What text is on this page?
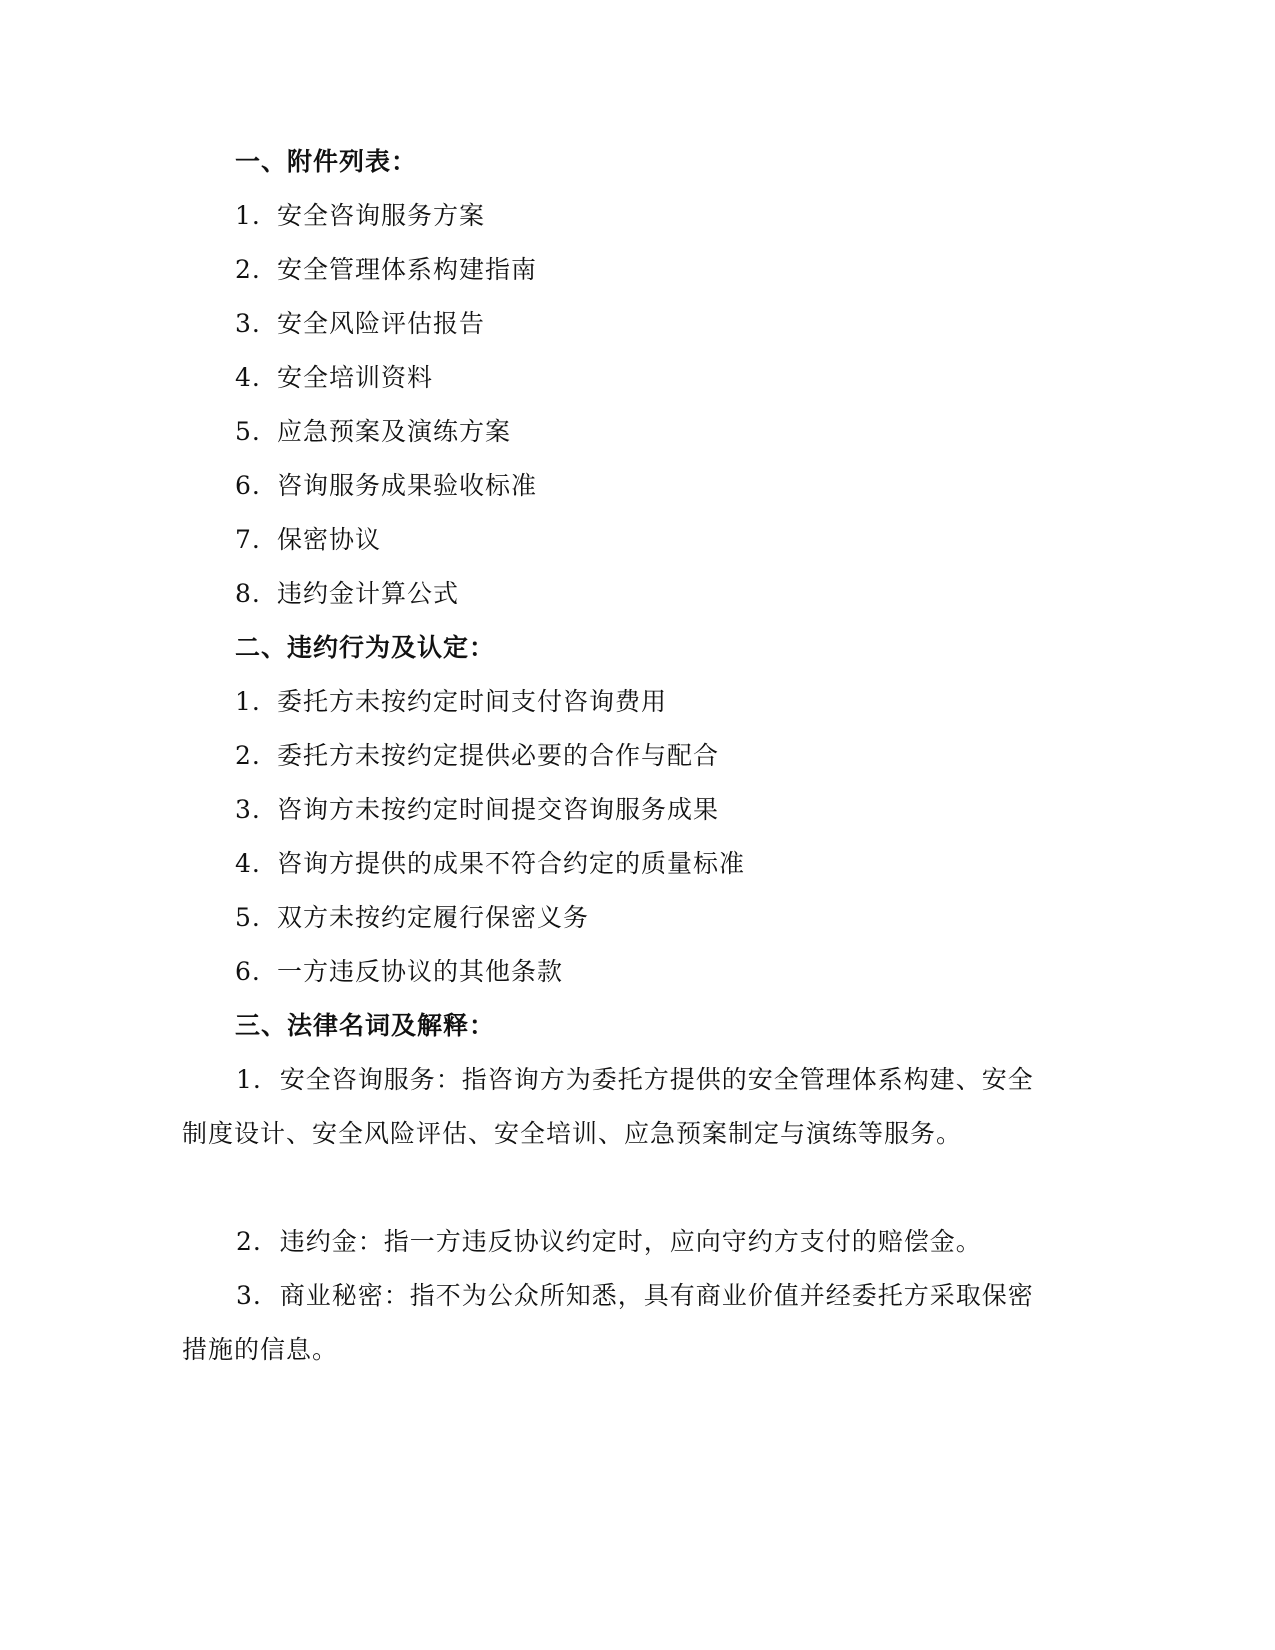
一、附件列表：
1. 安全咨询服务方案
2. 安全管理体系构建指南
3. 安全风险评估报告
4. 安全培训资料
5. 应急预案及演练方案
6. 咨询服务成果验收标准
7. 保密协议
8. 违约金计算公式
二、违约行为及认定：
1. 委托方未按约定时间支付咨询费用
2. 委托方未按约定提供必要的合作与配合
3. 咨询方未按约定时间提交咨询服务成果
4. 咨询方提供的成果不符合约定的质量标准
5. 双方未按约定履行保密义务
6. 一方违反协议的其他条款
三、法律名词及解释：
1. 安全咨询服务：指咨询方为委托方提供的安全管理体系构建、安全制度设计、安全风险评估、安全培训、应急预案制定与演练等服务。
2. 违约金：指一方违反协议约定时，应向守约方支付的赔偿金。
3. 商业秘密：指不为公众所知悉，具有商业价值并经委托方采取保密措施的信息。
